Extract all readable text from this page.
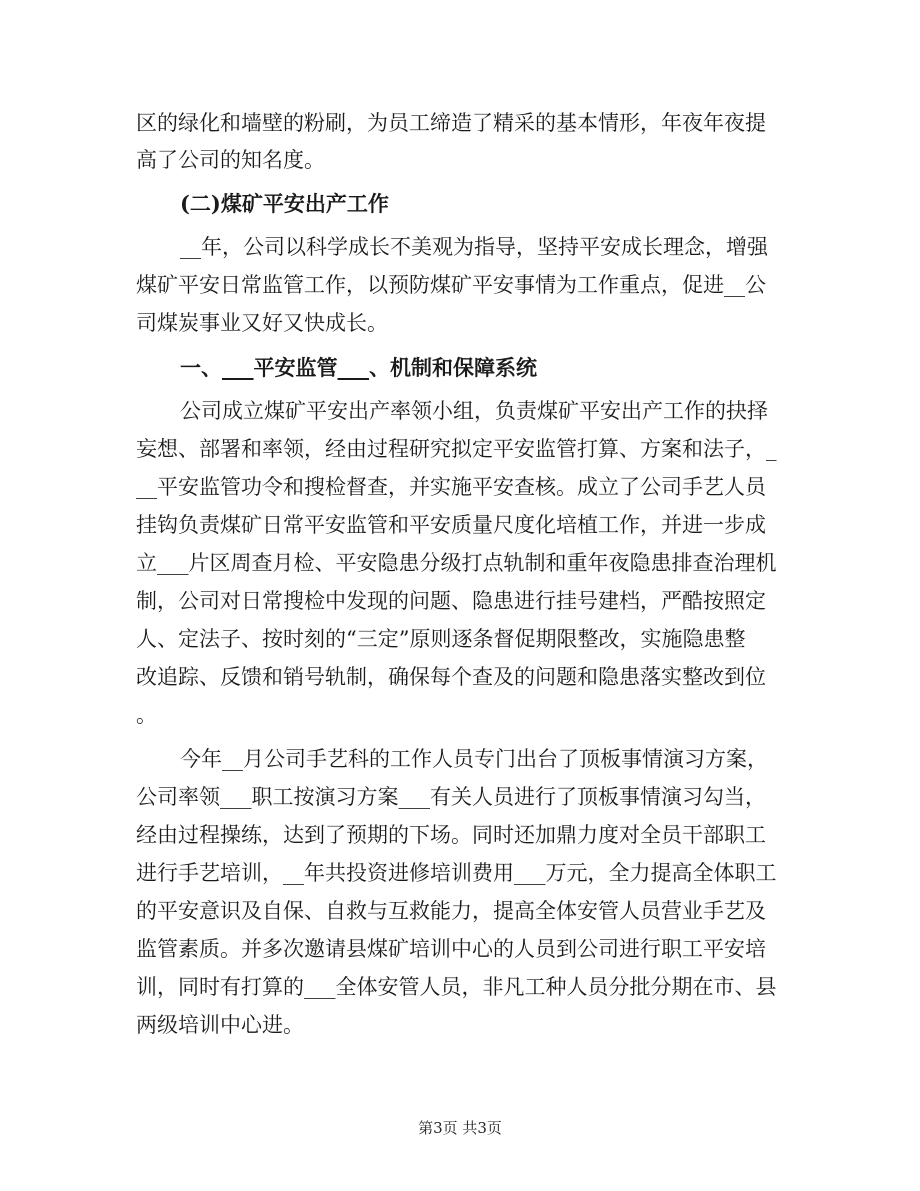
区的绿化和墙壁的粉刷，为员工缔造了精采的基本情形，年夜年夜提
高了公司的知名度。
(二)煤矿平安出产工作
__年，公司以科学成长不美观为指导，坚持平安成长理念，增强
煤矿平安日常监管工作，以预防煤矿平安事情为工作重点，促进__公
司煤炭事业又好又快成长。
一、___平安监管___、机制和保障系统
公司成立煤矿平安出产率领小组，负责煤矿平安出产工作的抉择
妄想、部署和率领，经由过程研究拟定平安监管打算、方案和法子，_
__平安监管功令和搜检督查，并实施平安查核。成立了公司手艺人员
挂钩负责煤矿日常平安监管和平安质量尺度化培植工作，并进一步成
立___片区周查月检、平安隐患分级打点轨制和重年夜隐患排查治理机
制，公司对日常搜检中发现的问题、隐患进行挂号建档，严酷按照定
人、定法子、按时刻的“三定”原则逐条督促期限整改，实施隐患整
改追踪、反馈和销号轨制，确保每个查及的问题和隐患落实整改到位
。
今年__月公司手艺科的工作人员专门出台了顶板事情演习方案，
公司率领___职工按演习方案___有关人员进行了顶板事情演习勾当，
经由过程操练，达到了预期的下场。同时还加鼎力度对全员干部职工
进行手艺培训，__年共投资进修培训费用___万元，全力提高全体职工
的平安意识及自保、自救与互救能力，提高全体安管人员营业手艺及
监管素质。并多次邀请县煤矿培训中心的人员到公司进行职工平安培
训，同时有打算的___全体安管人员，非凡工种人员分批分期在市、县
两级培训中心进。
第3页 共3页
